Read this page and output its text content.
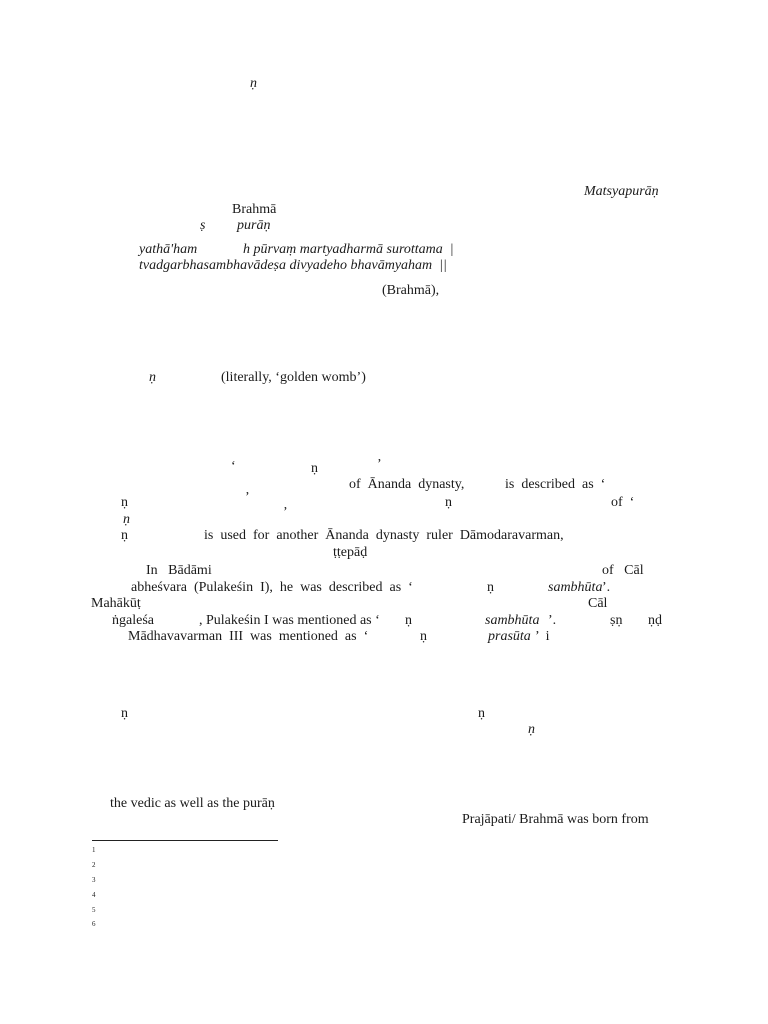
ṇ
Matsyapurāṇ
Brahmā
ṣ purāṇ
yathā'ham	h pūrvaṃ martyadharmā surottama  |
tvadgarbhasambhavādeṣa divyadeho bhavāmyaham  ||
(Brahmā),
ṇ	(literally, ‘golden womb’)
‘	ṇ	’
of  Ānanda  dynasty,	is  described  as  ‘
ṇ	’	ṇ	of  ‘
ṇ	’
ṇ	is  used  for  another  Ānanda  dynasty  ruler  Dāmodaravarman,
ṭṭepāḍ
In   Bādāmi	of   Cāl
abheśvara  (Pulakeśin  I),  he  was  described  as  ‘	ṇ	sambhūta ’.
Mahākūṭ	Cāl
ṅgaleśa	, Pulakeśin I was mentioned as ‘ ṇ	sambhūta ’.	ṣṇ ṇḍ
Mādhavavarman  III  was  mentioned  as  ‘	ṇ	prasūta ’  i
ṇ	ṇ
ṇ
the vedic as well as the purāṇ
Prajāpati/ Brahmā was born from
1
2
3
4
5
6
